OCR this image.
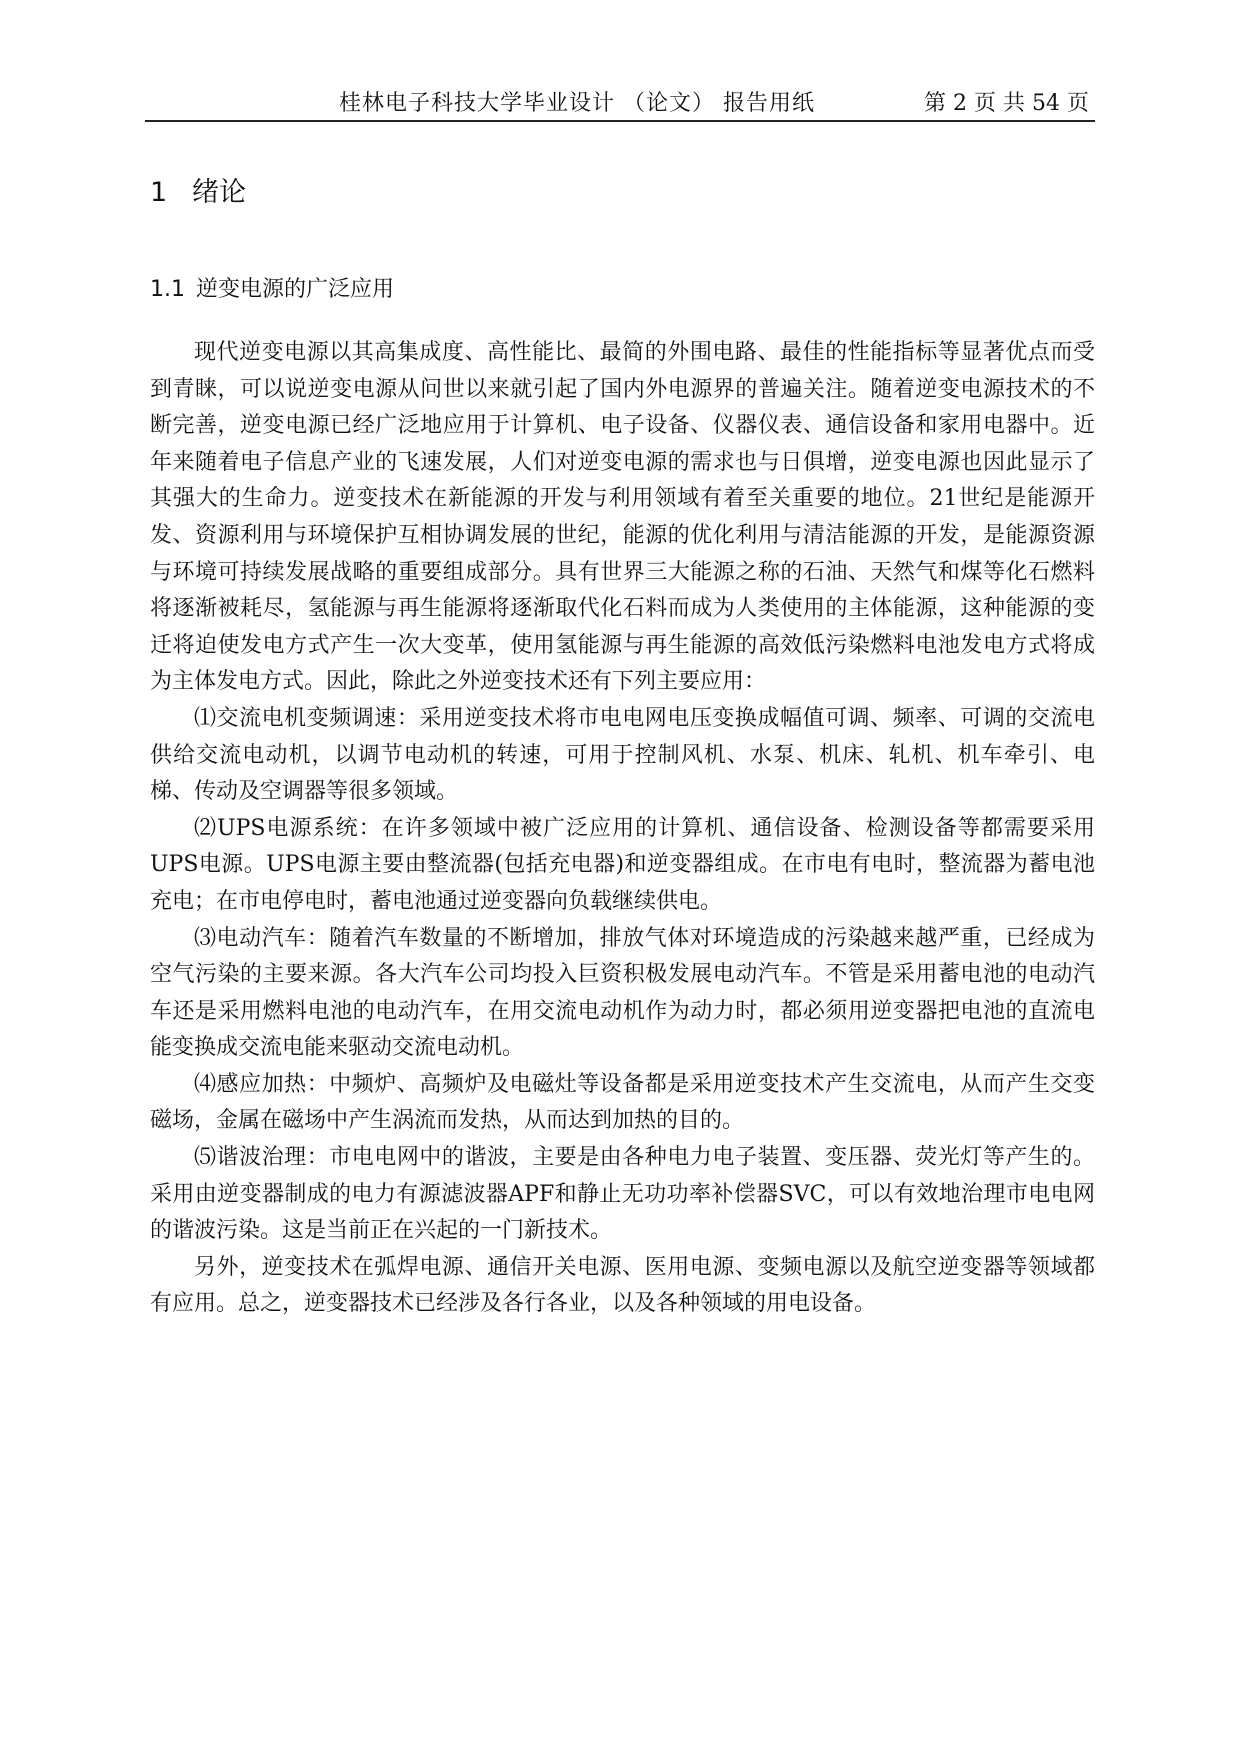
桂林电子科技大学毕业设计 （论文） 报告用纸	第 2 页 共 54 页
1 绪论
1.1 逆变电源的广泛应用

现代逆变电源以其高集成度、高性能比、最简的外围电路、最佳的性能指标等显著优点而受到青睐，可以说逆变电源从问世以来就引起了国内外电源界的普遍关注。随着逆变电源技术的不断完善，逆变电源已经广泛地应用于计算机、电子设备、仪器仪表、通信设备和家用电器中。近年来随着电子信息产业的飞速发展，人们对逆变电源的需求也与日俱增，逆变电源也因此显示了其强大的生命力。逆变技术在新能源的开发与利用领域有着至关重要的地位。21世纪是能源开发、资源利用与环境保护互相协调发展的世纪，能源的优化利用与清洁能源的开发，是能源资源与环境可持续发展战略的重要组成部分。具有世界三大能源之称的石油、天然气和煤等化石燃料将逐渐被耗尽，氢能源与再生能源将逐渐取代化石料而成为人类使用的主体能源，这种能源的变迁将迫使发电方式产生一次大变革，使用氢能源与再生能源的高效低污染燃料电池发电方式将成为主体发电方式。因此，除此之外逆变技术还有下列主要应用：

⑴交流电机变频调速：采用逆变技术将市电电网电压变换成幅值可调、频率、可调的交流电供给交流电动机，以调节电动机的转速，可用于控制风机、水泵、机床、轧机、机车牵引、电梯、传动及空调器等很多领域。

⑵UPS电源系统：在许多领域中被广泛应用的计算机、通信设备、检测设备等都需要采用UPS电源。UPS电源主要由整流器(包括充电器)和逆变器组成。在市电有电时，整流器为蓄电池充电；在市电停电时，蓄电池通过逆变器向负载继续供电。

⑶电动汽车：随着汽车数量的不断增加，排放气体对环境造成的污染越来越严重，已经成为空气污染的主要来源。各大汽车公司均投入巨资积极发展电动汽车。不管是采用蓄电池的电动汽车还是采用燃料电池的电动汽车，在用交流电动机作为动力时，都必须用逆变器把电池的直流电能变换成交流电能来驱动交流电动机。

⑷感应加热：中频炉、高频炉及电磁灶等设备都是采用逆变技术产生交流电，从而产生交变磁场，金属在磁场中产生涡流而发热，从而达到加热的目的。

⑸谐波治理：市电电网中的谐波，主要是由各种电力电子装置、变压器、荧光灯等产生的。采用由逆变器制成的电力有源滤波器APF和静止无功功率补偿器SVC，可以有效地治理市电电网的谐波污染。这是当前正在兴起的一门新技术。

另外，逆变技术在弧焊电源、通信开关电源、医用电源、变频电源以及航空逆变器等领域都有应用。总之，逆变器技术已经涉及各行各业，以及各种领域的用电设备。
